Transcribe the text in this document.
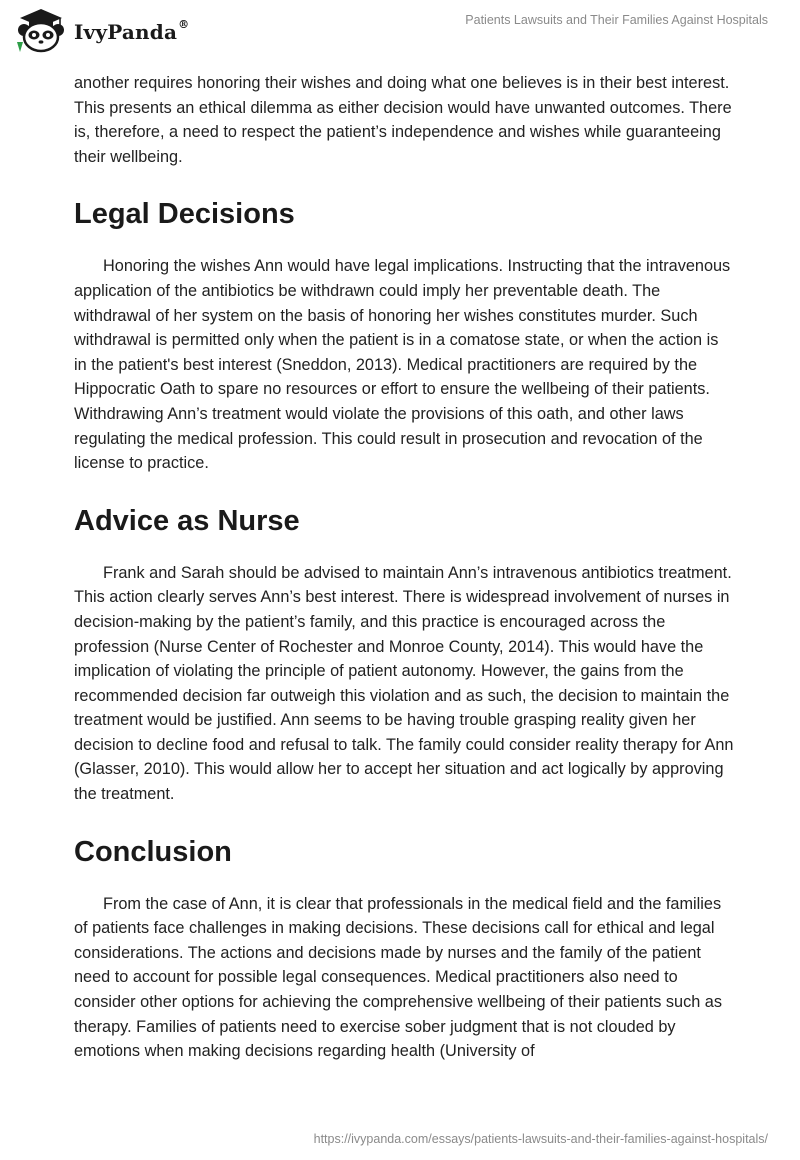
IvyPanda®	Patients Lawsuits and Their Families Against Hospitals

another requires honoring their wishes and doing what one believes is in their best interest. This presents an ethical dilemma as either decision would have unwanted outcomes. There is, therefore, a need to respect the patient’s independence and wishes while guaranteeing their wellbeing.

Legal Decisions

Honoring the wishes Ann would have legal implications. Instructing that the intravenous application of the antibiotics be withdrawn could imply her preventable death. The withdrawal of her system on the basis of honoring her wishes constitutes murder. Such withdrawal is permitted only when the patient is in a comatose state, or when the action is in the patient's best interest (Sneddon, 2013). Medical practitioners are required by the Hippocratic Oath to spare no resources or effort to ensure the wellbeing of their patients. Withdrawing Ann’s treatment would violate the provisions of this oath, and other laws regulating the medical profession. This could result in prosecution and revocation of the license to practice.

Advice as Nurse

Frank and Sarah should be advised to maintain Ann’s intravenous antibiotics treatment. This action clearly serves Ann’s best interest. There is widespread involvement of nurses in decision-making by the patient’s family, and this practice is encouraged across the profession (Nurse Center of Rochester and Monroe County, 2014). This would have the implication of violating the principle of patient autonomy. However, the gains from the recommended decision far outweigh this violation and as such, the decision to maintain the treatment would be justified. Ann seems to be having trouble grasping reality given her decision to decline food and refusal to talk. The family could consider reality therapy for Ann (Glasser, 2010). This would allow her to accept her situation and act logically by approving the treatment.

Conclusion

From the case of Ann, it is clear that professionals in the medical field and the families of patients face challenges in making decisions. These decisions call for ethical and legal considerations. The actions and decisions made by nurses and the family of the patient need to account for possible legal consequences. Medical practitioners also need to consider other options for achieving the comprehensive wellbeing of their patients such as therapy. Families of patients need to exercise sober judgment that is not clouded by emotions when making decisions regarding health (University of

https://ivypanda.com/essays/patients-lawsuits-and-their-families-against-hospitals/
